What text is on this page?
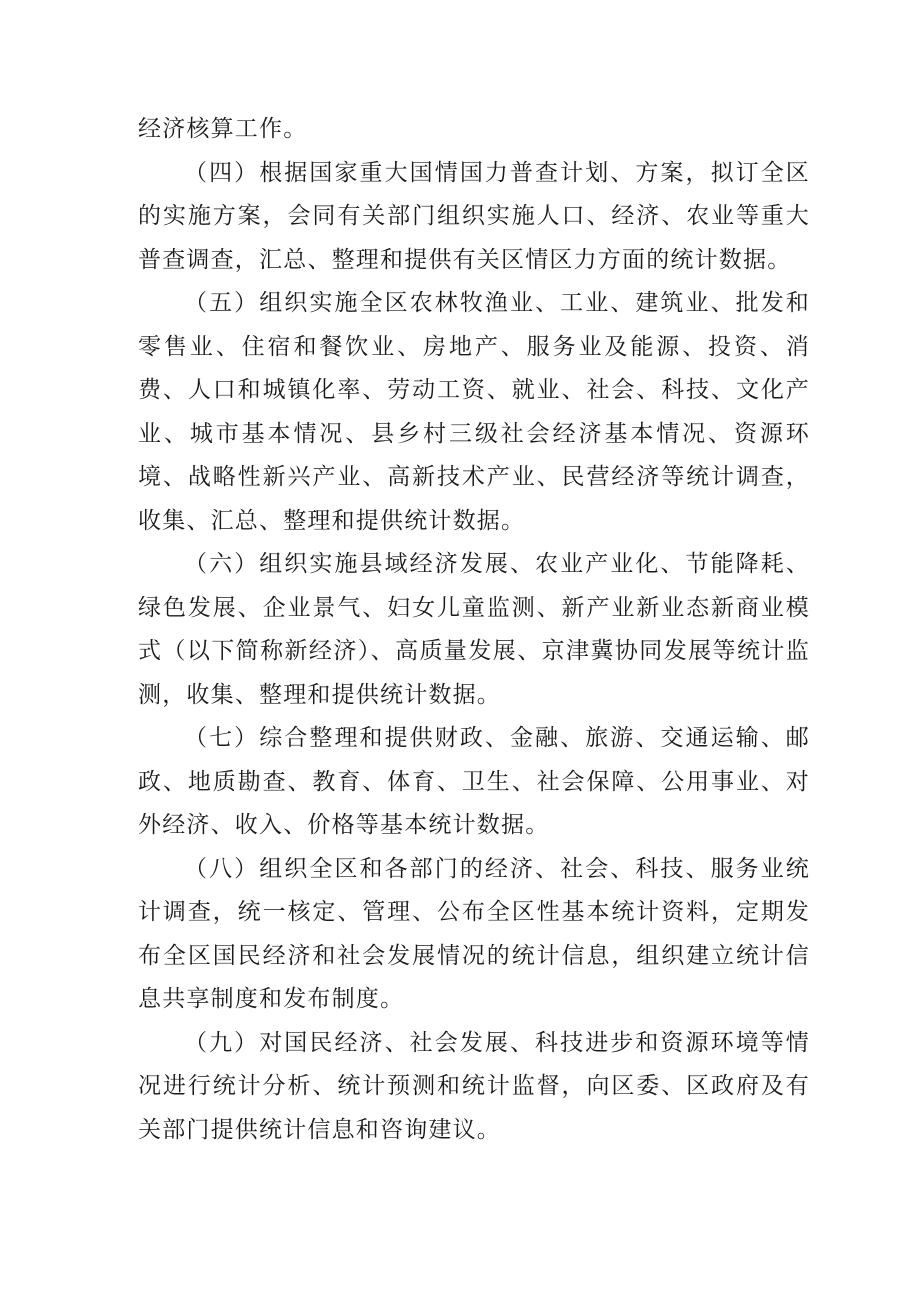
经济核算工作。

（四）根据国家重大国情国力普查计划、方案，拟订全区的实施方案，会同有关部门组织实施人口、经济、农业等重大普查调查，汇总、整理和提供有关区情区力方面的统计数据。

（五）组织实施全区农林牧渔业、工业、建筑业、批发和零售业、住宿和餐饮业、房地产、服务业及能源、投资、消费、人口和城镇化率、劳动工资、就业、社会、科技、文化产业、城市基本情况、县乡村三级社会经济基本情况、资源环境、战略性新兴产业、高新技术产业、民营经济等统计调查，收集、汇总、整理和提供统计数据。

（六）组织实施县域经济发展、农业产业化、节能降耗、绿色发展、企业景气、妇女儿童监测、新产业新业态新商业模式（以下简称新经济）、高质量发展、京津冀协同发展等统计监测，收集、整理和提供统计数据。

（七）综合整理和提供财政、金融、旅游、交通运输、邮政、地质勘查、教育、体育、卫生、社会保障、公用事业、对外经济、收入、价格等基本统计数据。

（八）组织全区和各部门的经济、社会、科技、服务业统计调查，统一核定、管理、公布全区性基本统计资料，定期发布全区国民经济和社会发展情况的统计信息，组织建立统计信息共享制度和发布制度。

（九）对国民经济、社会发展、科技进步和资源环境等情况进行统计分析、统计预测和统计监督，向区委、区政府及有关部门提供统计信息和咨询建议。
